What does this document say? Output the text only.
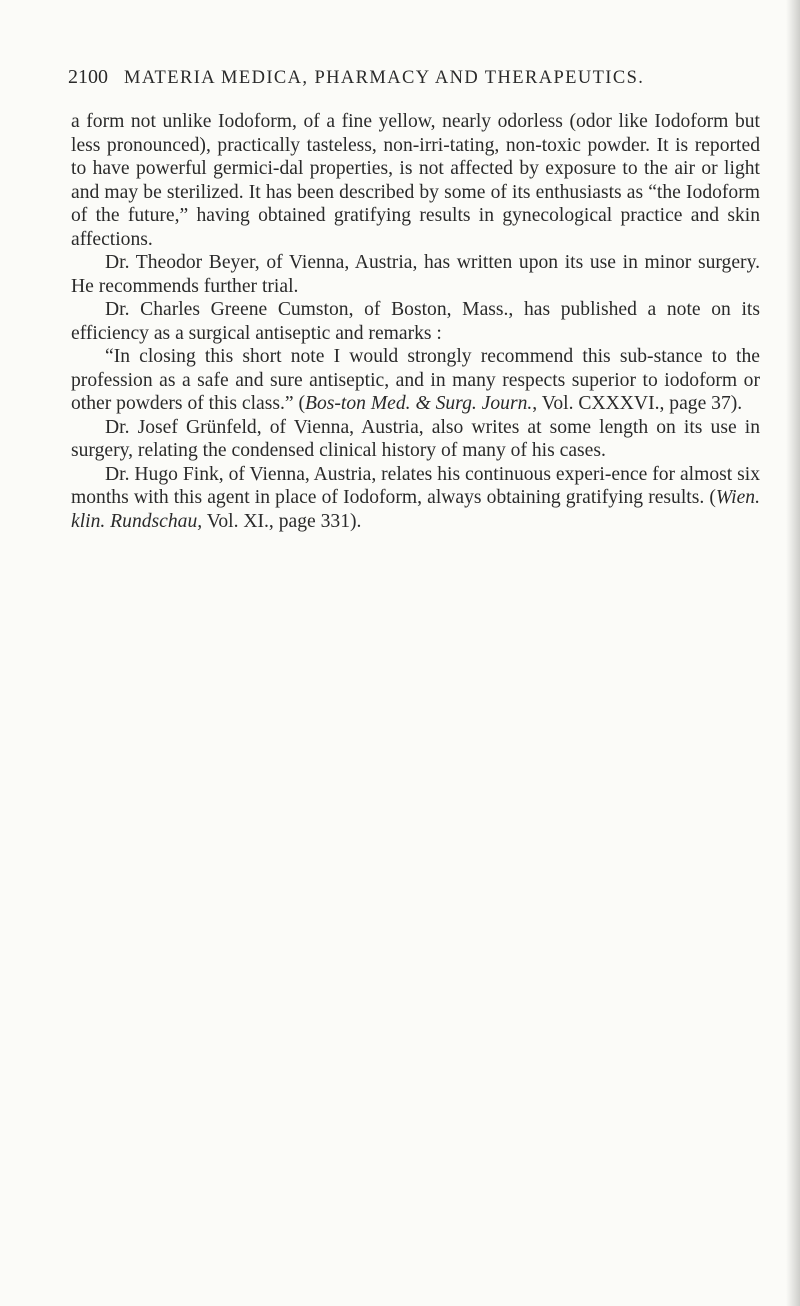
2100 MATERIA MEDICA, PHARMACY AND THERAPEUTICS.

a form not unlike Iodoform, of a fine yellow, nearly odorless (odor like Iodoform but less pronounced), practically tasteless, non-irri-tating, non-toxic powder. It is reported to have powerful germici-dal properties, is not affected by exposure to the air or light and may be sterilized. It has been described by some of its enthusiasts as “the Iodoform of the future,” having obtained gratifying results in gynecological practice and skin affections.

Dr. Theodor Beyer, of Vienna, Austria, has written upon its use in minor surgery. He recommends further trial.

Dr. Charles Greene Cumston, of Boston, Mass., has published a note on its efficiency as a surgical antiseptic and remarks :

“In closing this short note I would strongly recommend this sub-stance to the profession as a safe and sure antiseptic, and in many respects superior to iodoform or other powders of this class.” (Bos-ton Med. & Surg. Journ., Vol. CXXXVI., page 37).

Dr. Josef Grünfeld, of Vienna, Austria, also writes at some length on its use in surgery, relating the condensed clinical history of many of his cases.

Dr. Hugo Fink, of Vienna, Austria, relates his continuous experi-ence for almost six months with this agent in place of Iodoform, always obtaining gratifying results. (Wien. klin. Rundschau, Vol. XI., page 331).
